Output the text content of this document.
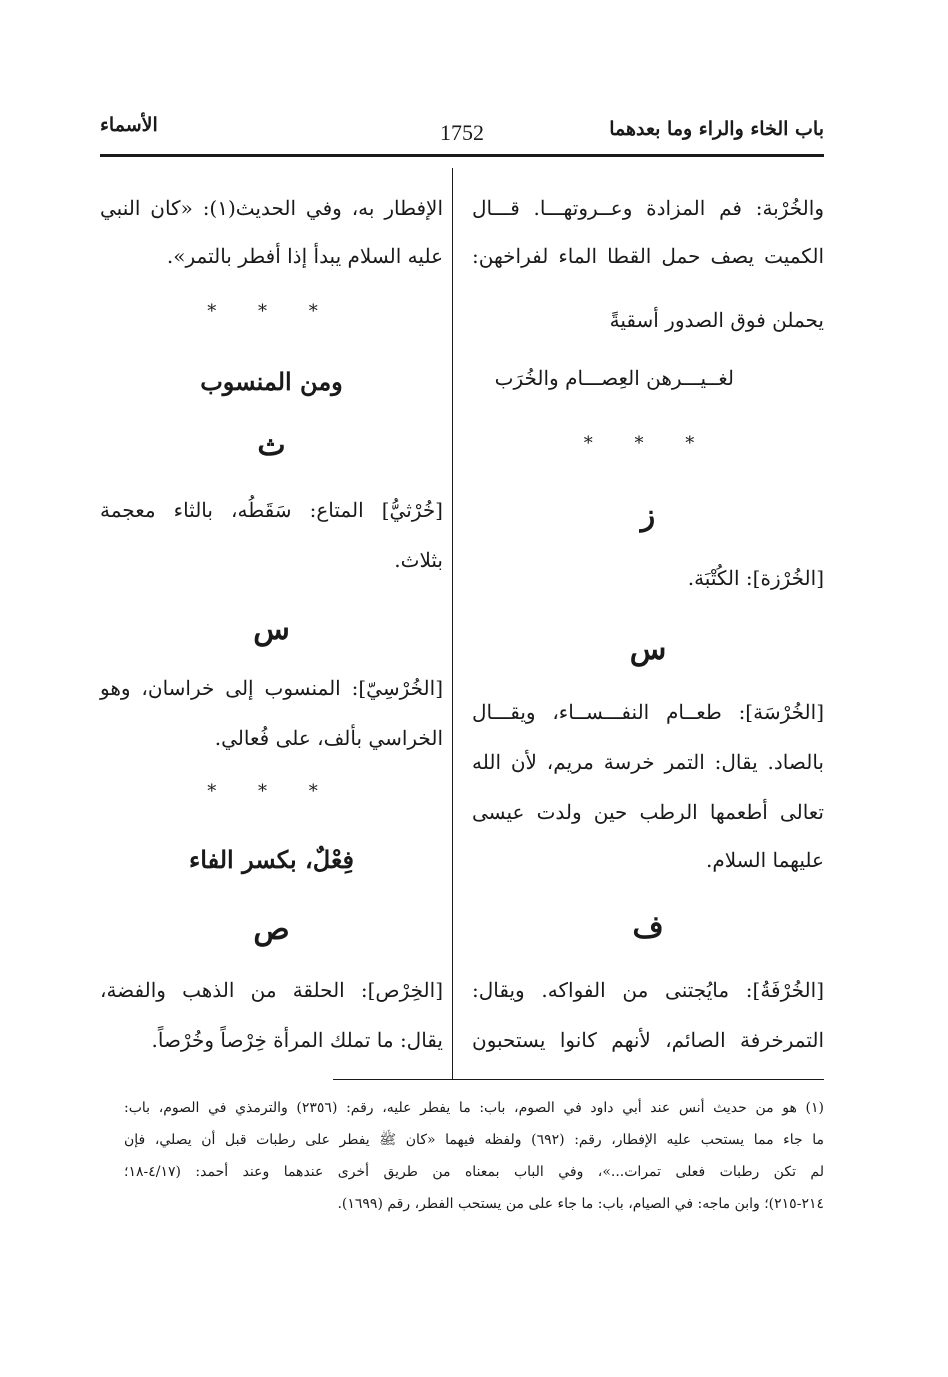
باب الخاء والراء وما بعدهما
1752
الأسماء
والخُرْبة: فم المزادة وعــروتهـــا. قـــال
الكميت يصف حمل القطا الماء لفراخهن:
يحملن فوق الصدور أسقيةً
لغــيـــرهن العِصـــام والخُرَب
* * *
ز
[الخُرْزة]: الكُتْبَة.
س
[الخُرْسَة]: طعــام النفـــســاء، ويقـــال
بالصاد. يقال: التمر خرسة مريم، لأن الله
تعالى أطعمها الرطب حين ولدت عيسى
عليهما السلام.
ف
[الخُرْفَةُ]: مايُجتنى من الفواكه. ويقال:
التمرخرفة الصائم، لأنهم كانوا يستحبون
الإفطار به، وفي الحديث(١): «كان النبي
عليه السلام يبدأ إذا أفطر بالتمر».
* * *
ومن المنسوب
ث
[خُرْثيُّ] المتاع: سَقَطُه، بالثاء معجمة
بثلاث.
س
[الخُرْسِيّ]: المنسوب إلى خراسان، وهو
الخراسي بألف، على فُعالي.
* * *
فِعْلٌ، بكسر الفاء
ص
[الخِرْص]: الحلقة من الذهب والفضة،
يقال: ما تملك المرأة خِرْصاً وخُرْصاً.
(١) هو من حديث أنس عند أبي داود في الصوم، باب: ما يفطر عليه، رقم: (٢٣٥٦) والترمذي في الصوم، باب:
ما جاء مما يستحب عليه الإفطار، رقم: (٦٩٢) ولفظه فيهما «كان ﷺ يفطر على رطبات قبل أن يصلي، فإن
لم تكن رطبات فعلى تمرات...»، وفي الباب بمعناه من طريق أخرى عندهما وعند أحمد: (٤/١٧-١٨؛
٢١٤-٢١٥)؛ وابن ماجه: في الصيام، باب: ما جاء على من يستحب الفطر، رقم (١٦٩٩).
